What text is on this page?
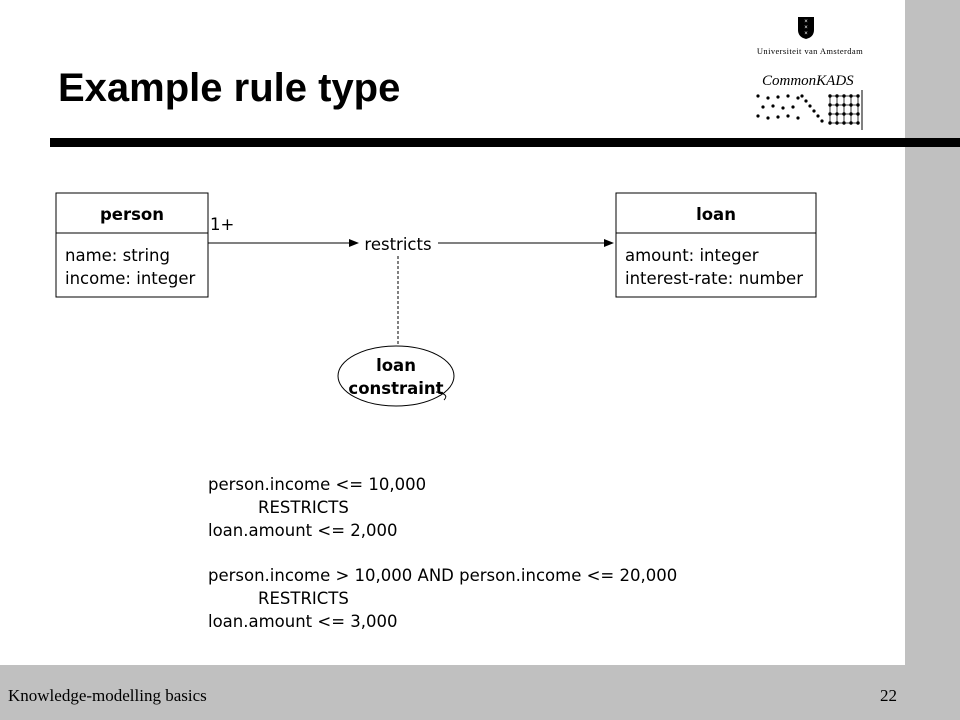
Example rule type
×
×
×
Universiteit van Amsterdam
CommonKADS
person
name: string
income: integer
loan
amount: integer
interest-rate: number
restricts
1+
loan
constraint
person.income <= 10,000
RESTRICTS
loan.amount <= 2,000
person.income > 10,000 AND person.income <= 20,000
RESTRICTS
loan.amount <= 3,000
Knowledge-modelling basics	22
